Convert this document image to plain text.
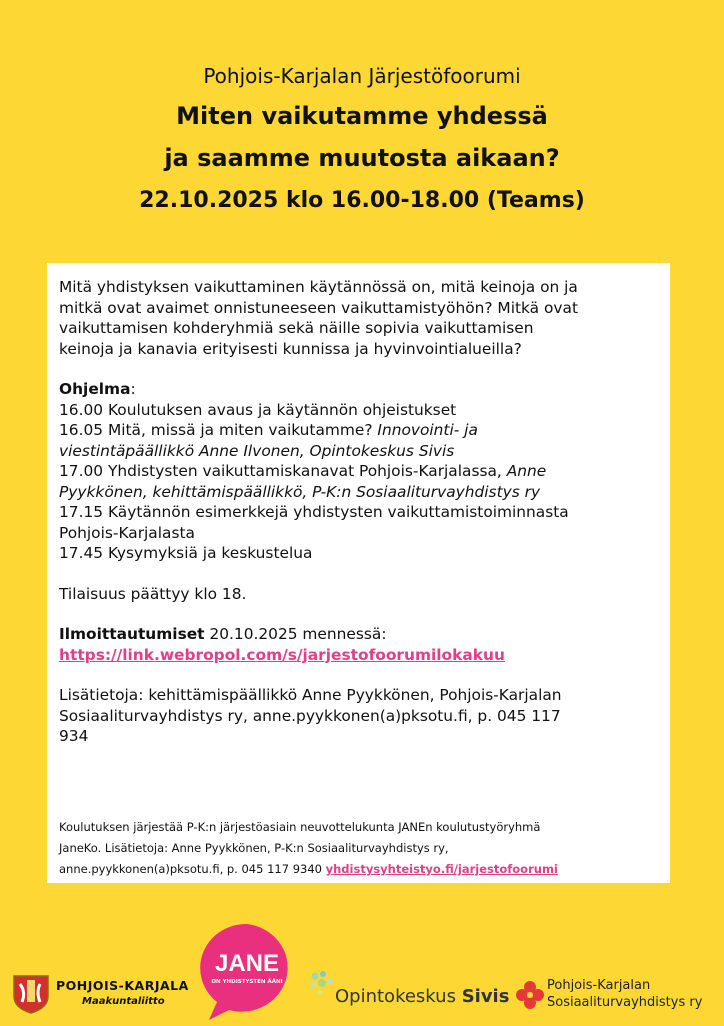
Pohjois-Karjalan Järjestöfoorumi
Miten vaikutamme yhdessä
ja saamme muutosta aikaan?
22.10.2025 klo 16.00-18.00 (Teams)

Mitä yhdistyksen vaikuttaminen käytännössä on, mitä keinoja on ja

mitkä ovat avaimet onnistuneeseen vaikuttamistyöhön? Mitkä ovat

vaikuttamisen kohderyhmiä sekä näille sopivia vaikuttamisen

keinoja ja kanavia erityisesti kunnissa ja hyvinvointialueilla?

Ohjelma:

16.00 Koulutuksen avaus ja käytännön ohjeistukset

16.05 Mitä, missä ja miten vaikutamme? Innovointi- ja

viestintäpäällikkö Anne Ilvonen, Opintokeskus Sivis

17.00 Yhdistysten vaikuttamiskanavat Pohjois-Karjalassa, Anne

Pyykkönen, kehittämispäällikkö, P-K:n Sosiaaliturvayhdistys ry

17.15 Käytännön esimerkkejä yhdistysten vaikuttamistoiminnasta

Pohjois-Karjalasta

17.45 Kysymyksiä ja keskustelua

Tilaisuus päättyy klo 18.

Ilmoittautumiset 20.10.2025 mennessä:

https://link.webropol.com/s/jarjestofoorumilokakuu

Lisätietoja: kehittämispäällikkö Anne Pyykkönen, Pohjois-Karjalan

Sosiaaliturvayhdistys ry, anne.pyykkonen(a)pksotu.fi, p. 045 117

934

Koulutuksen järjestää P-K:n järjestöasiain neuvottelukunta JANEn koulutustyöryhmä
JaneKo. Lisätietoja: Anne Pyykkönen, P-K:n Sosiaaliturvayhdistys ry,
anne.pyykkonen(a)pksotu.fi, p. 045 117 9340 yhdistysyhteistyo.fi/jarjestofoorumi
POHJOIS-KARJALA
Maakuntaliitto
JANE
ON YHDISTYSTEN ÄÄNI
Opintokeskus Sivis
Pohjois-Karjalan
Sosiaaliturvayhdistys ry
